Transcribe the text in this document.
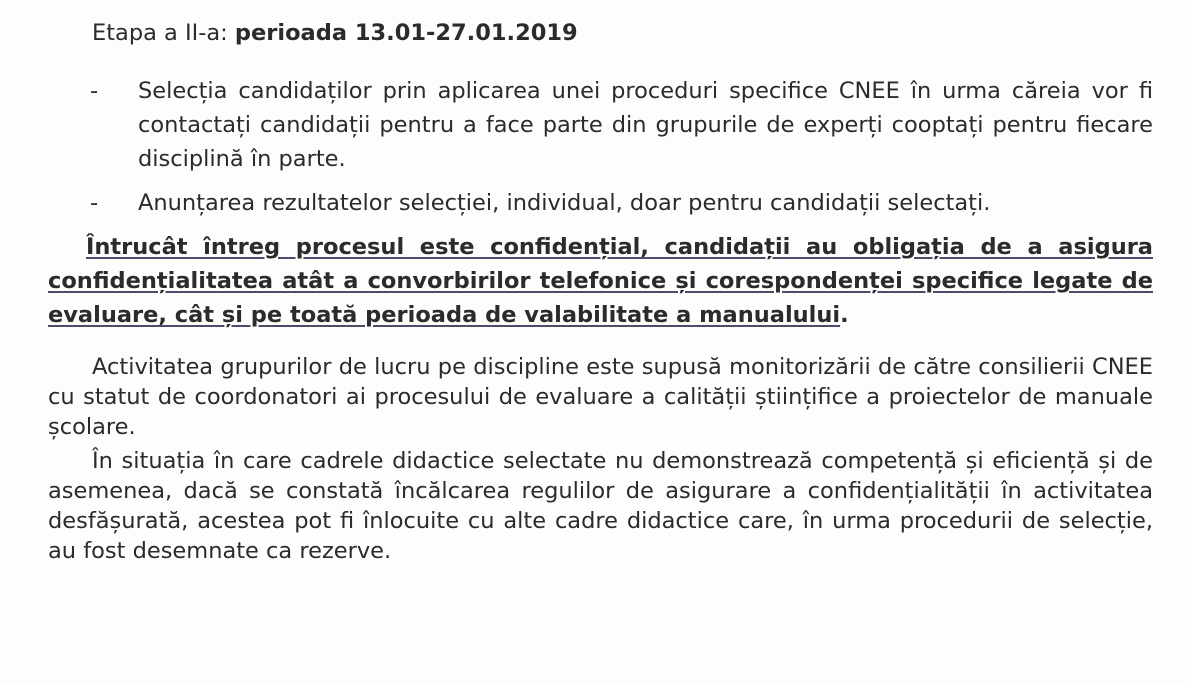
Etapa a II-a: perioada 13.01-27.01.2019

- Selecția candidaților prin aplicarea unei proceduri specifice CNEE în urma căreia vor fi contactați candidații pentru a face parte din grupurile de experți cooptați pentru fiecare disciplină în parte.
- Anunțarea rezultatelor selecției, individual, doar pentru candidații selectați.

Întrucât întreg procesul este confidențial, candidații au obligația de a asigura confidențialitatea atât a convorbirilor telefonice și corespondenței specifice legate de evaluare, cât și pe toată perioada de valabilitate a manualului.

Activitatea grupurilor de lucru pe discipline este supusă monitorizării de către consilierii CNEE cu statut de coordonatori ai procesului de evaluare a calității științifice a proiectelor de manuale școlare.

În situația în care cadrele didactice selectate nu demonstrează competență și eficiență și de asemenea, dacă se constată încălcarea regulilor de asigurare a confidențialității în activitatea desfășurată, acestea pot fi înlocuite cu alte cadre didactice care, în urma procedurii de selecție, au fost desemnate ca rezerve.
